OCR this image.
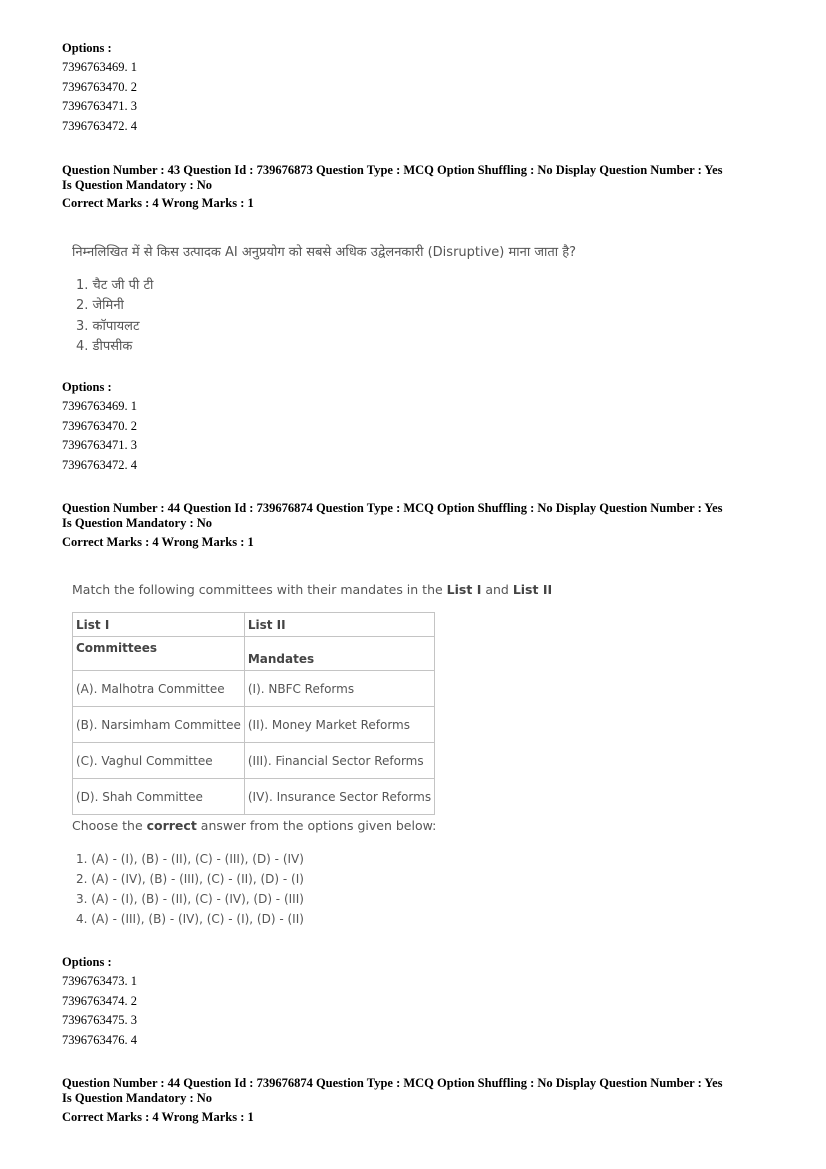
Options :
7396763469. 1
7396763470. 2
7396763471. 3
7396763472. 4
Question Number : 43 Question Id : 739676873 Question Type : MCQ Option Shuffling : No Display Question Number : Yes
Is Question Mandatory : No
Correct Marks : 4 Wrong Marks : 1
निम्नलिखित में से किस उत्पादक AI अनुप्रयोग को सबसे अधिक उद्वेलनकारी (Disruptive) माना जाता है?
1. चैट जी पी टी
2. जेमिनी
3. कॉपायलट
4. डीपसीक
Options :
7396763469. 1
7396763470. 2
7396763471. 3
7396763472. 4
Question Number : 44 Question Id : 739676874 Question Type : MCQ Option Shuffling : No Display Question Number : Yes
Is Question Mandatory : No
Correct Marks : 4 Wrong Marks : 1
Match the following committees with their mandates in the List I and List II
List I	List II
Committees	Mandates
(A). Malhotra Committee	(I). NBFC Reforms
(B). Narsimham Committee	(II). Money Market Reforms
(C). Vaghul Committee	(III). Financial Sector Reforms
(D). Shah Committee	(IV). Insurance Sector Reforms
Choose the correct answer from the options given below:
1. (A) - (I), (B) - (II), (C) - (III), (D) - (IV)
2. (A) - (IV), (B) - (III), (C) - (II), (D) - (I)
3. (A) - (I), (B) - (II), (C) - (IV), (D) - (III)
4. (A) - (III), (B) - (IV), (C) - (I), (D) - (II)
Options :
7396763473. 1
7396763474. 2
7396763475. 3
7396763476. 4
Question Number : 44 Question Id : 739676874 Question Type : MCQ Option Shuffling : No Display Question Number : Yes
Is Question Mandatory : No
Correct Marks : 4 Wrong Marks : 1
